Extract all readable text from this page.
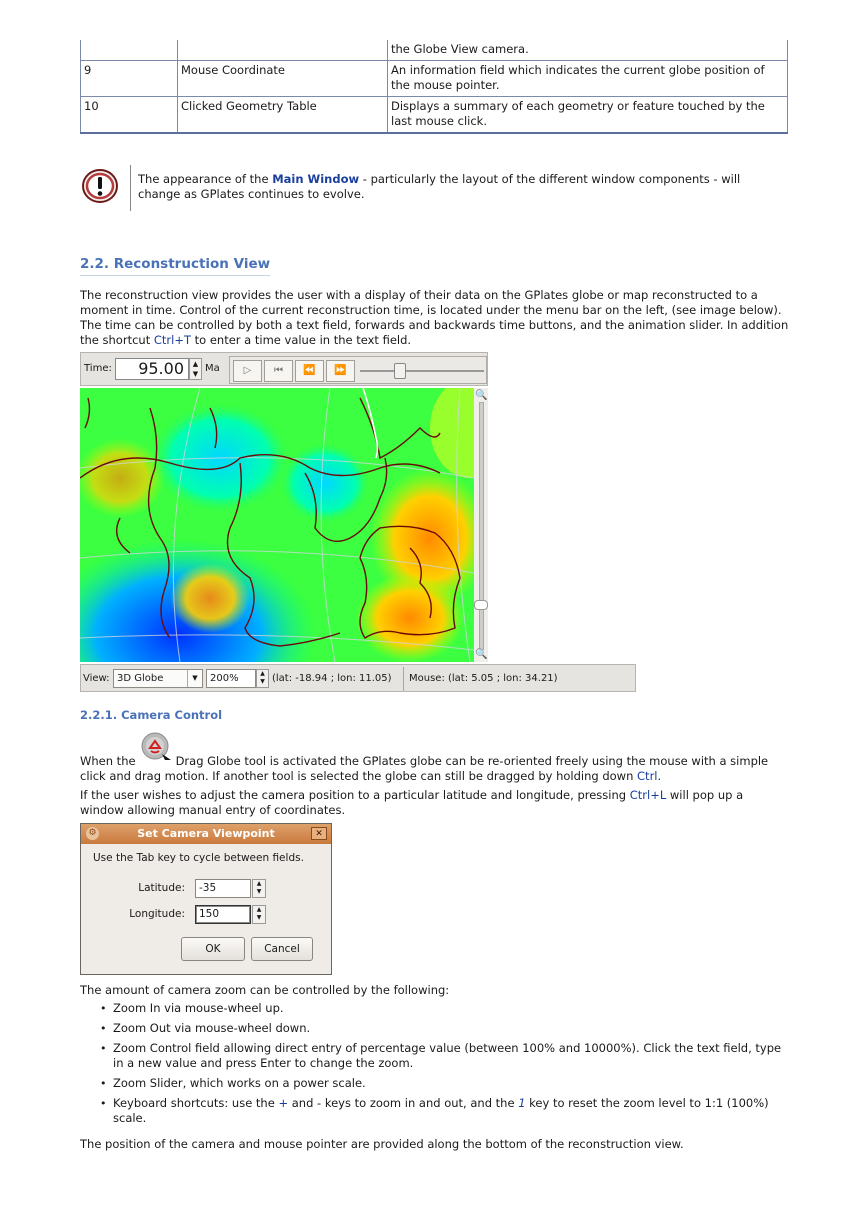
		the Globe View camera.
9	Mouse Coordinate	An information field which indicates the current globe position of the mouse pointer.
10	Clicked Geometry Table	Displays a summary of each geometry or feature touched by the last mouse click.
The appearance of the Main Window - particularly the layout of the different window components - will change as GPlates continues to evolve.
2.2. Reconstruction View

The reconstruction view provides the user with a display of their data on the GPlates globe or map reconstructed to a moment in time. Control of the current reconstruction time, is located under the menu bar on the left, (see image below). The time can be controlled by both a text field, forwards and backwards time buttons, and the animation slider. In addition the shortcut Ctrl+T to enter a time value in the text field.

Time:	95.00	▲
▼ Ma	▷	⏮	⏪	⏩
🔍
🔍
View: 3D Globe	▼	200%	▲
▼ (lat: -18.94 ; lon: 11.05) Mouse: (lat: 5.05 ; lon: 34.21)
2.2.1. Camera Control

When the	Drag Globe tool is activated the GPlates globe can be re-oriented freely using the mouse with a simple click and drag motion. If another tool is selected the globe can still be dragged by holding down Ctrl.

If the user wishes to adjust the camera position to a particular latitude and longitude, pressing Ctrl+L will pop up a window allowing manual entry of coordinates.

Set Camera Viewpoint
⚙	✕
Use the Tab key to cycle between fields.
Latitude:	-35	▲
▼
Longitude:	150	▲
▼
OK	Cancel

The amount of camera zoom can be controlled by the following:

• Zoom In via mouse-wheel up.
• Zoom Out via mouse-wheel down.
• Zoom Control field allowing direct entry of percentage value (between 100% and 10000%). Click the text field, type in a new value and press Enter to change the zoom.
• Zoom Slider, which works on a power scale.
• Keyboard shortcuts: use the + and - keys to zoom in and out, and the 1 key to reset the zoom level to 1:1 (100%) scale.

The position of the camera and mouse pointer are provided along the bottom of the reconstruction view.
